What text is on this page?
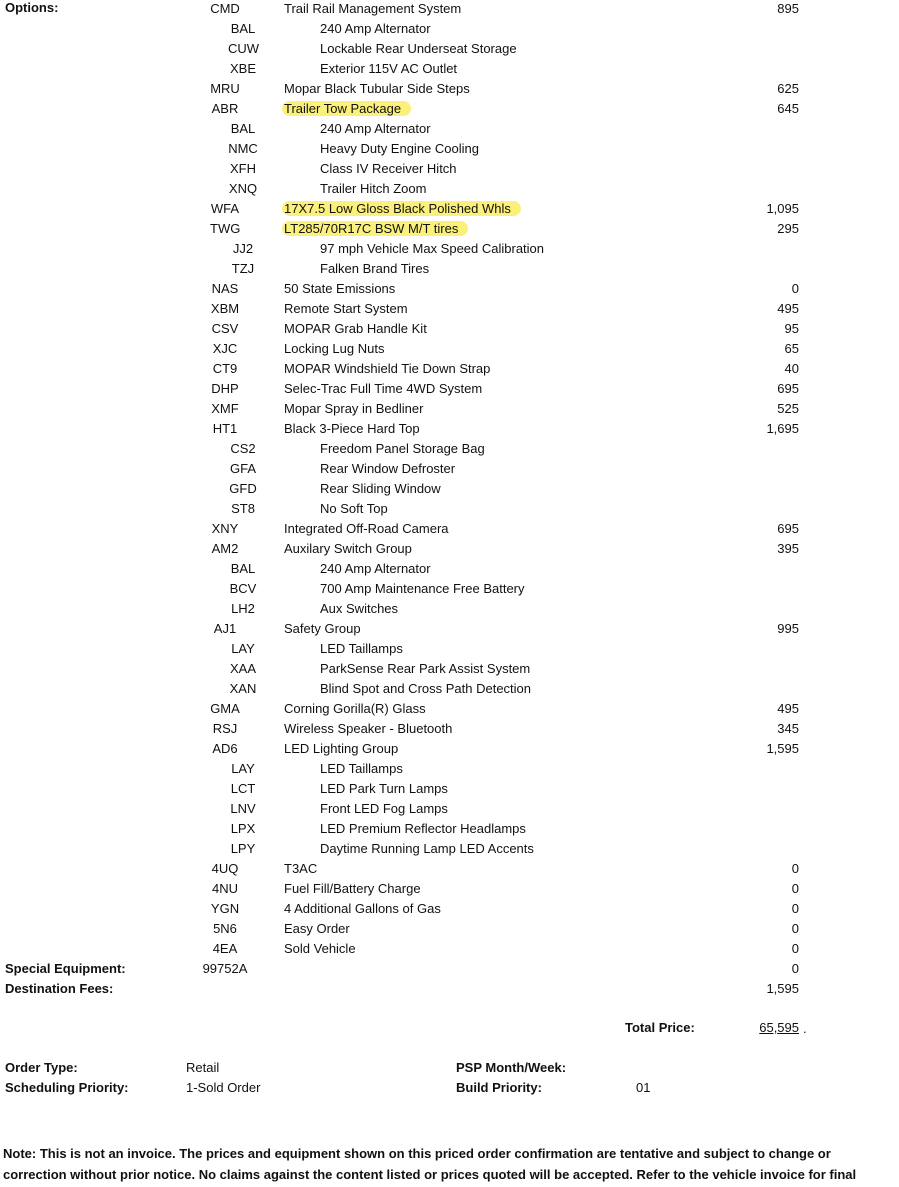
Options:	CMD	Trail Rail Management System	895
BAL	240 Amp Alternator
CUW	Lockable Rear Underseat Storage
XBE	Exterior 115V AC Outlet
MRU	Mopar Black Tubular Side Steps	625
ABR	Trailer Tow Package	645
BAL	240 Amp Alternator
NMC	Heavy Duty Engine Cooling
XFH	Class IV Receiver Hitch
XNQ	Trailer Hitch Zoom
WFA	17X7.5 Low Gloss Black Polished Whls	1,095
TWG	LT285/70R17C BSW M/T tires	295
JJ2	97 mph Vehicle Max Speed Calibration
TZJ	Falken Brand Tires
NAS	50 State Emissions	0
XBM	Remote Start System	495
CSV	MOPAR Grab Handle Kit	95
XJC	Locking Lug Nuts	65
CT9	MOPAR Windshield Tie Down Strap	40
DHP	Selec-Trac Full Time 4WD System	695
XMF	Mopar Spray in Bedliner	525
HT1	Black 3-Piece Hard Top	1,695
CS2	Freedom Panel Storage Bag
GFA	Rear Window Defroster
GFD	Rear Sliding Window
ST8	No Soft Top
XNY	Integrated Off-Road Camera	695
AM2	Auxilary Switch Group	395
BAL	240 Amp Alternator
BCV	700 Amp Maintenance Free Battery
LH2	Aux Switches
AJ1	Safety Group	995
LAY	LED Taillamps
XAA	ParkSense Rear Park Assist System
XAN	Blind Spot and Cross Path Detection
GMA	Corning Gorilla(R) Glass	495
RSJ	Wireless Speaker - Bluetooth	345
AD6	LED Lighting Group	1,595
LAY	LED Taillamps
LCT	LED Park Turn Lamps
LNV	Front LED Fog Lamps
LPX	LED Premium Reflector Headlamps
LPY	Daytime Running Lamp LED Accents
4UQ	T3AC	0
4NU	Fuel Fill/Battery Charge	0
YGN	4 Additional Gallons of Gas	0
5N6	Easy Order	0
4EA	Sold Vehicle	0
Special Equipment:	99752A	0
Destination Fees:	1,595
Total Price:	65,595 .
Order Type:	Retail	PSP Month/Week:
Scheduling Priority:	1-Sold Order	Build Priority:	01
Note: This is not an invoice. The prices and equipment shown on this priced order confirmation are tentative and subject to change or correction without prior notice. No claims against the content listed or prices quoted will be accepted. Refer to the vehicle invoice for final
